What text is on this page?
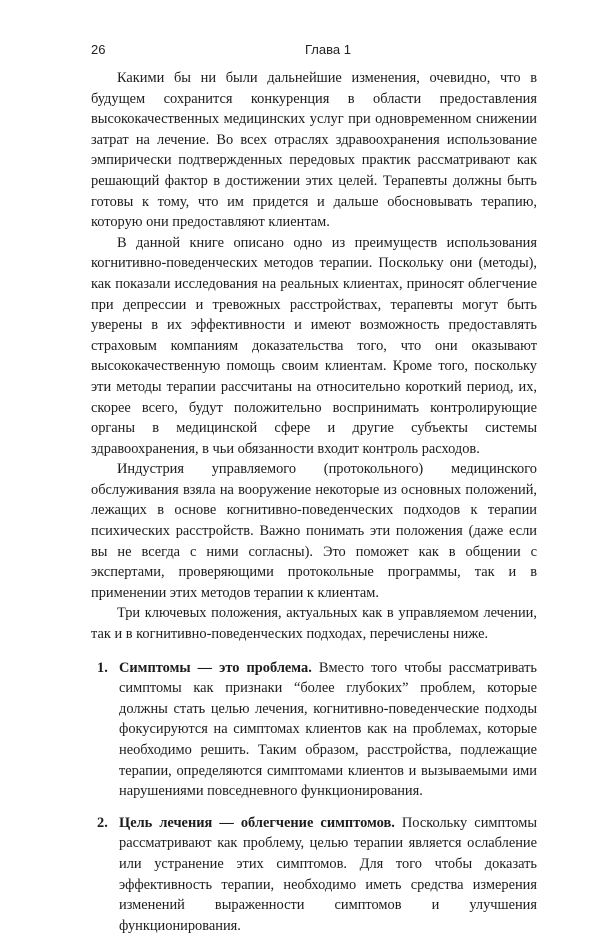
26	Глава 1

Какими бы ни были дальнейшие изменения, очевидно, что в будущем сохранится конкуренция в области предоставления высококачественных медицинских услуг при одновременном снижении затрат на лечение. Во всех отраслях здравоохранения использование эмпирически подтвержденных передовых практик рассматривают как решающий фактор в достижении этих целей. Терапевты должны быть готовы к тому, что им придется и дальше обосновывать терапию, которую они предоставляют клиентам.

В данной книге описано одно из преимуществ использования когнитивно-поведенческих методов терапии. Поскольку они (методы), как показали исследования на реальных клиентах, приносят облегчение при депрессии и тревожных расстройствах, терапевты могут быть уверены в их эффективности и имеют возможность предоставлять страховым компаниям доказательства того, что они оказывают высококачественную помощь своим клиентам. Кроме того, поскольку эти методы терапии рассчитаны на относительно короткий период, их, скорее всего, будут положительно воспринимать контролирующие органы в медицинской сфере и другие субъекты системы здравоохранения, в чьи обязанности входит контроль расходов.

Индустрия управляемого (протокольного) медицинского обслуживания взяла на вооружение некоторые из основных положений, лежащих в основе когнитивно-поведенческих подходов к терапии психических расстройств. Важно понимать эти положения (даже если вы не всегда с ними согласны). Это поможет как в общении с экспертами, проверяющими протокольные программы, так и в применении этих методов терапии к клиентам.

Три ключевых положения, актуальных как в управляемом лечении, так и в когнитивно-поведенческих подходах, перечислены ниже.

1. Симптомы — это проблема. Вместо того чтобы рассматривать симптомы как признаки “более глубоких” проблем, которые должны стать целью лечения, когнитивно-поведенческие подходы фокусируются на симптомах клиентов как на проблемах, которые необходимо решить. Таким образом, расстройства, подлежащие терапии, определяются симптомами клиентов и вызываемыми ими нарушениями повседневного функционирования.
2. Цель лечения — облегчение симптомов. Поскольку симптомы рассматривают как проблему, целью терапии является ослабление или устранение этих симптомов. Для того чтобы доказать эффективность терапии, необходимо иметь средства измерения изменений выраженности симптомов и улучшения функционирования.
